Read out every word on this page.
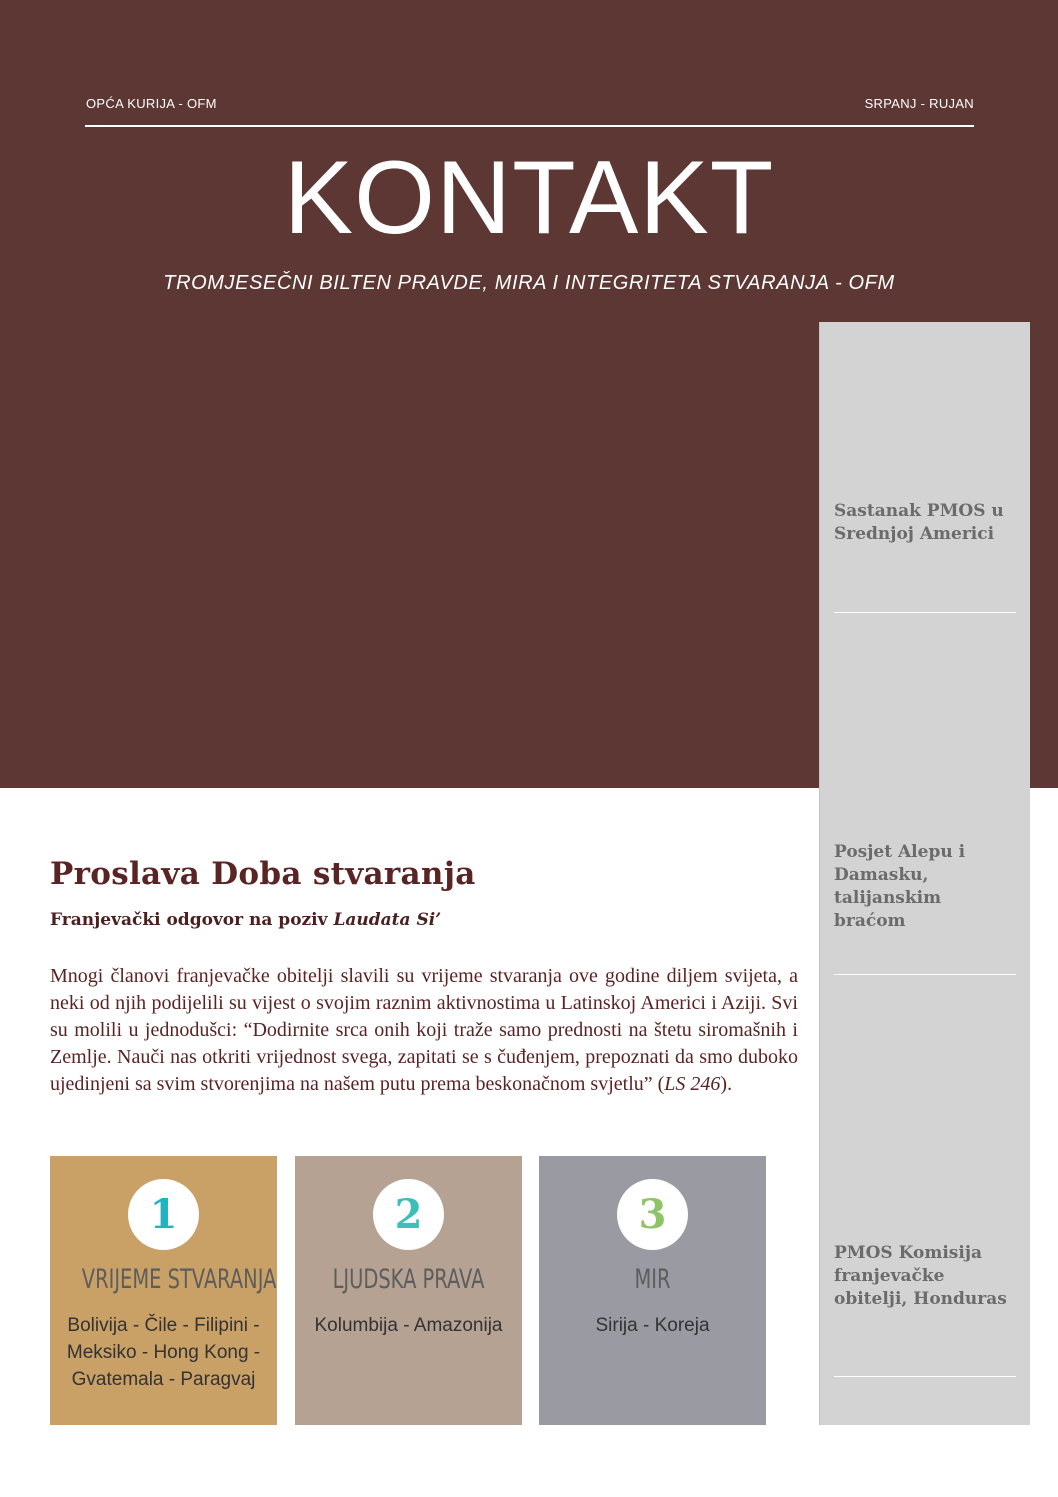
OPĆA KURIJA - OFM	SRPANJ - RUJAN
KONTAKT
TROMJESEČNI BILTEN PRAVDE, MIRA I INTEGRITETA STVARANJA - OFM
Sastanak PMOS u Srednjoj Americi
Posjet Alepu i Damasku, talijanskim braćom
PMOS Komisija franjevačke obitelji, Honduras
Proslava Doba stvaranja
Franjevački odgovor na poziv Laudata Si’
Mnogi članovi franjevačke obitelji slavili su vrijeme stvaranja ove godine diljem svijeta, a neki od njih podijelili su vijest o svojim raznim aktivnostima u Latinskoj Americi i Aziji. Svi su molili u jednodušci: “Dodirnite srca onih koji traže samo prednosti na štetu siromašnih i Zemlje. Nauči nas otkriti vrijednost svega, zapitati se s čuđenjem, prepoznati da smo duboko ujedinjeni sa svim stvorenjima na našem putu prema beskonačnom svjetlu” (LS 246).
1
VRIJEME STVARANJA
Bolivija - Čile - Filipini - Meksiko - Hong Kong - Gvatemala - Paragvaj
2
LJUDSKA PRAVA
Kolumbija - Amazonija
3
MIR
Sirija - Koreja
